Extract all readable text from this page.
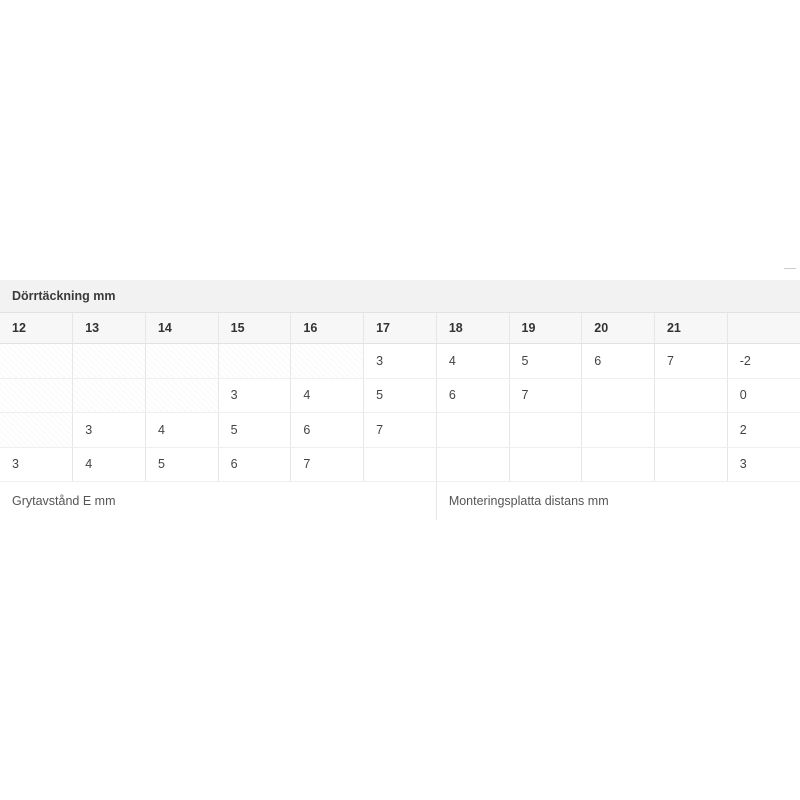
Dörrtäckning mm										
12	13	14	15	16	17	18	19	20	21	
					3	4	5	6	7	-2
			3	4	5	6	7			0
	3	4	5	6	7					2
3	4	5	6	7						3
Grytavstånd E mm						Monteringsplatta distans mm				
